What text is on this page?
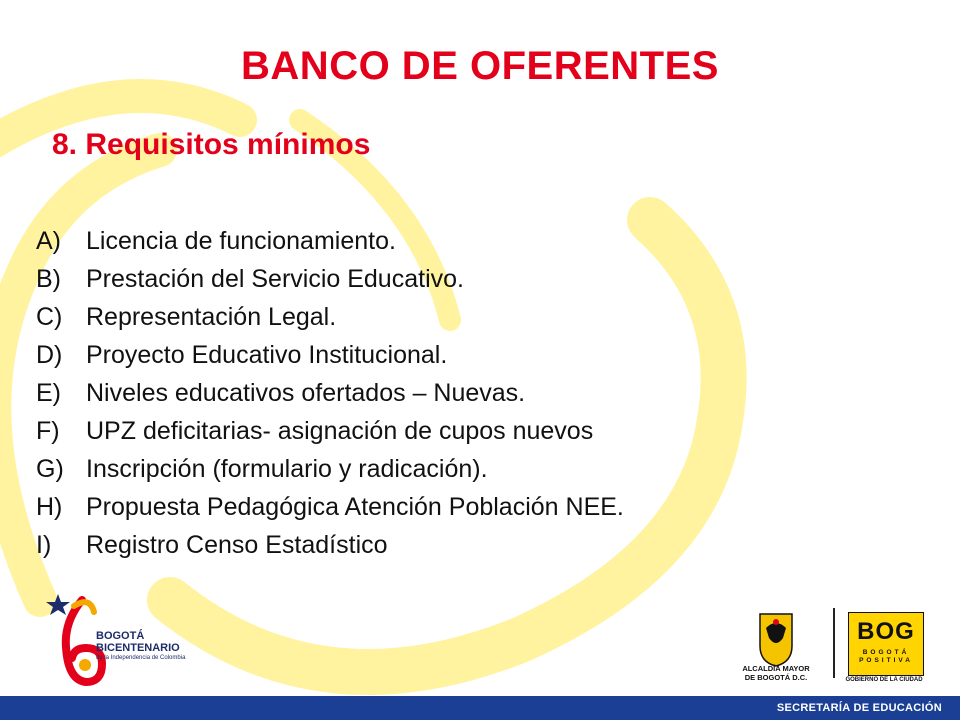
BANCO DE OFERENTES
8. Requisitos mínimos
A) Licencia de funcionamiento.
B) Prestación del Servicio Educativo.
C) Representación Legal.
D) Proyecto Educativo Institucional.
E) Niveles educativos ofertados – Nuevas.
F) UPZ deficitarias- asignación de cupos nuevos
G) Inscripción (formulario y radicación).
H) Propuesta Pedagógica Atención Población NEE.
I) Registro Censo Estadístico
BOGOTÁ
BICENTENARIO
de la Independencia de Colombia
ALCALDÍA MAYOR
DE BOGOTÁ D.C.
BOG
BOGOTÁ
POSITIVA
GOBIERNO DE LA CIUDAD
SECRETARÍA DE EDUCACIÓN
